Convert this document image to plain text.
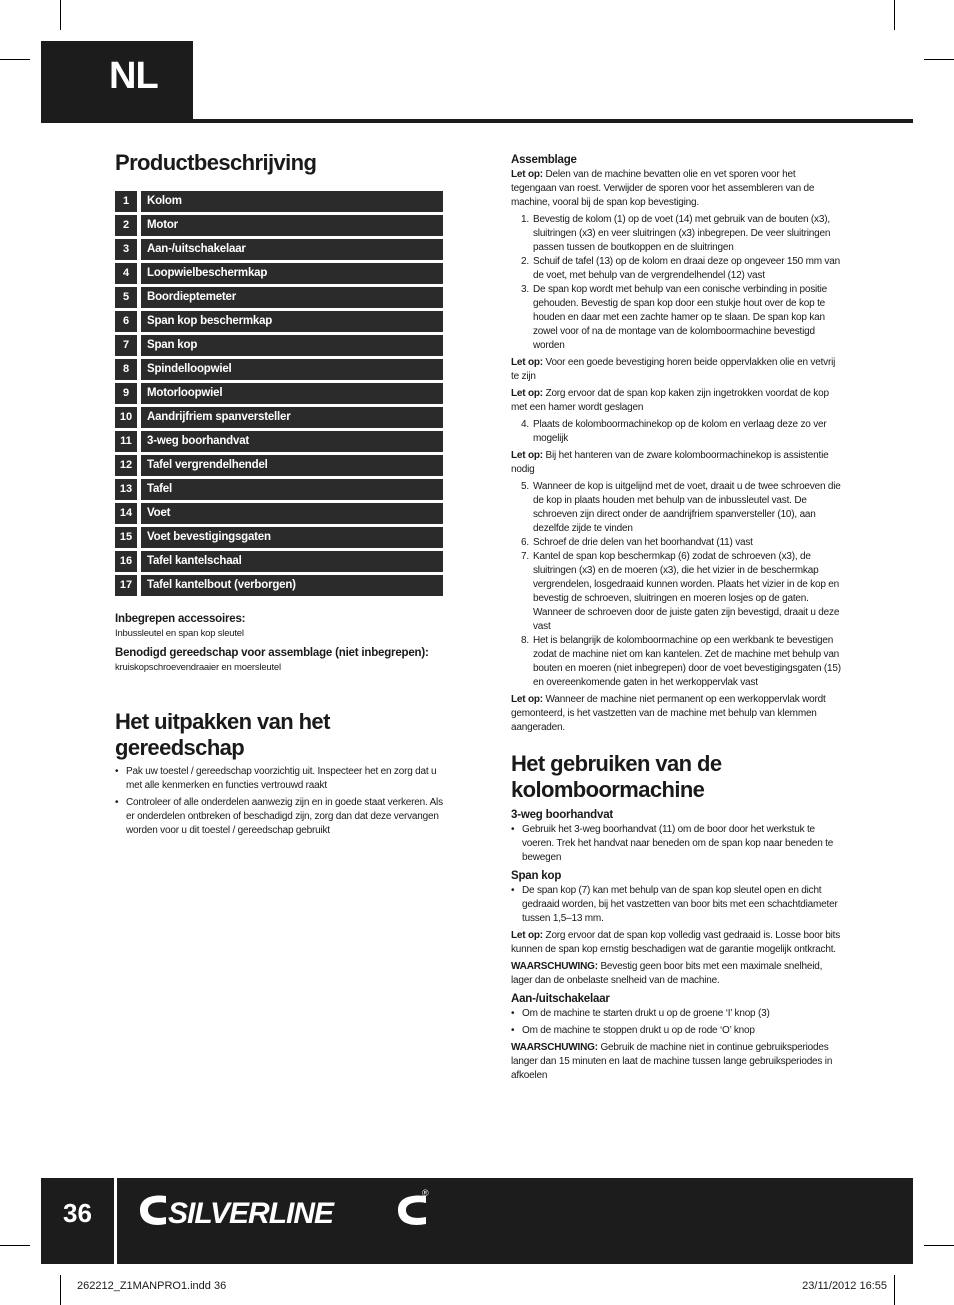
NL
Productbeschrijving
1	Kolom
2	Motor
3	Aan-/uitschakelaar
4	Loopwielbeschermkap
5	Boordieptemeter
6	Span kop beschermkap
7	Span kop
8	Spindelloopwiel
9	Motorloopwiel
10	Aandrijfriem spanversteller
11	3-weg boorhandvat
12	Tafel vergrendelhendel
13	Tafel
14	Voet
15	Voet bevestigingsgaten
16	Tafel kantelschaal
17	Tafel kantelbout (verborgen)
Inbegrepen accessoires:
Inbussleutel en span kop sleutel
Benodigd gereedschap voor assemblage (niet inbegrepen):
kruiskopschroevendraaier en moersleutel
Het uitpakken van het
gereedschap
• Pak uw toestel / gereedschap voorzichtig uit. Inspecteer het en zorg dat u met alle kenmerken en functies vertrouwd raakt
• Controleer of alle onderdelen aanwezig zijn en in goede staat verkeren. Als er onderdelen ontbreken of beschadigd zijn, zorg dan dat deze vervangen worden voor u dit toestel / gereedschap gebruikt
Assemblage

Let op: Delen van de machine bevatten olie en vet sporen voor het tegengaan van roest. Verwijder de sporen voor het assembleren van de machine, vooral bij de span kop bevestiging.

1. Bevestig de kolom (1) op de voet (14) met gebruik van de bouten (x3), sluitringen (x3) en veer sluitringen (x3) inbegrepen. De veer sluitringen passen tussen de boutkoppen en de sluitringen
2. Schuif de tafel (13) op de kolom en draai deze op ongeveer 150 mm van de voet, met behulp van de vergrendelhendel (12) vast
3. De span kop wordt met behulp van een conische verbinding in positie gehouden. Bevestig de span kop door een stukje hout over de kop te houden en daar met een zachte hamer op te slaan. De span kop kan zowel voor of na de montage van de kolomboormachine bevestigd worden

Let op: Voor een goede bevestiging horen beide oppervlakken olie en vetvrij te zijn

Let op: Zorg ervoor dat de span kop kaken zijn ingetrokken voordat de kop met een hamer wordt geslagen

4. Plaats de kolomboormachinekop op de kolom en verlaag deze zo ver mogelijk

Let op: Bij het hanteren van de zware kolomboormachinekop is assistentie nodig

5. Wanneer de kop is uitgelijnd met de voet, draait u de twee schroeven die de kop in plaats houden met behulp van de inbussleutel vast. De schroeven zijn direct onder de aandrijfriem spanversteller (10), aan dezelfde zijde te vinden
6. Schroef de drie delen van het boorhandvat (11) vast
7. Kantel de span kop beschermkap (6) zodat de schroeven (x3), de sluitringen (x3) en de moeren (x3), die het vizier in de beschermkap vergrendelen, losgedraaid kunnen worden. Plaats het vizier in de kop en bevestig de schroeven, sluitringen en moeren losjes op de gaten. Wanneer de schroeven door de juiste gaten zijn bevestigd, draait u deze vast
8. Het is belangrijk de kolomboormachine op een werkbank te bevestigen zodat de machine niet om kan kantelen. Zet de machine met behulp van bouten en moeren (niet inbegrepen) door de voet bevestigingsgaten (15) en overeenkomende gaten in het werkoppervlak vast

Let op: Wanneer de machine niet permanent op een werkoppervlak wordt gemonteerd, is het vastzetten van de machine met behulp van klemmen aangeraden.

Het gebruiken van de
kolomboormachine
3-weg boorhandvat
• Gebruik het 3-weg boorhandvat (11) om de boor door het werkstuk te voeren. Trek het handvat naar beneden om de span kop naar beneden te bewegen
Span kop
• De span kop (7) kan met behulp van de span kop sleutel open en dicht gedraaid worden, bij het vastzetten van boor bits met een schachtdiameter tussen 1,5–13 mm.

Let op: Zorg ervoor dat de span kop volledig vast gedraaid is. Losse boor bits kunnen de span kop ernstig beschadigen wat de garantie mogelijk ontkracht.

WAARSCHUWING: Bevestig geen boor bits met een maximale snelheid, lager dan de onbelaste snelheid van de machine.

Aan-/uitschakelaar
• Om de machine te starten drukt u op de groene ‘I’ knop (3)
• Om de machine te stoppen drukt u op de rode ‘O’ knop

WAARSCHUWING: Gebruik de machine niet in continue gebruiksperiodes langer dan 15 minuten en laat de machine tussen lange gebruiksperiodes in afkoelen

36	SILVERLINE
®
262212_Z1MANPRO1.indd 36	23/11/2012 16:55
